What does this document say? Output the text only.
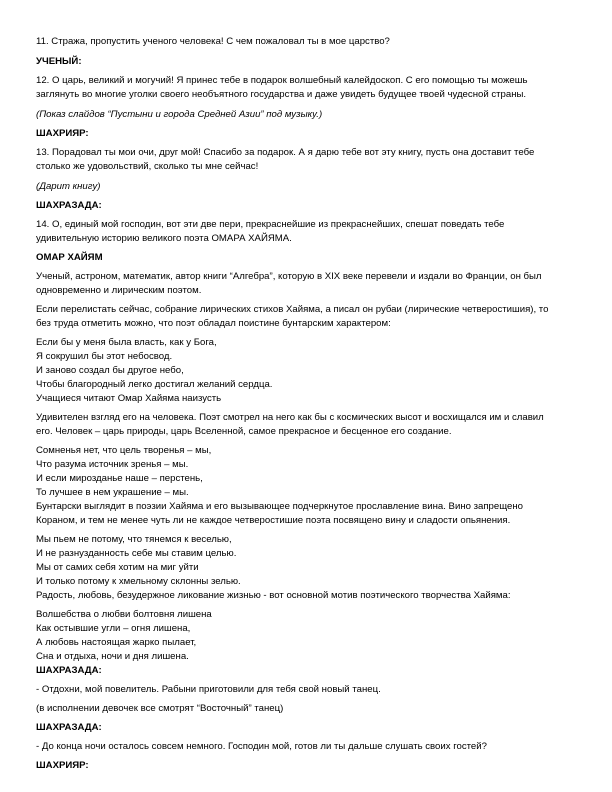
11. Стража, пропустить ученого человека! С чем пожаловал ты в мое царство?
УЧЕНЫЙ:
12. О царь, великий и могучий! Я принес тебе в подарок волшебный калейдоскоп. С его помощью ты можешь
заглянуть во многие уголки своего необъятного государства и даже увидеть будущее твоей чудесной страны.
(Показ слайдов “Пустыни и города Средней Азии” под музыку.)
ШАХРИЯР:
13. Порадовал ты мои очи, друг мой! Спасибо за подарок. А я дарю тебе вот эту книгу, пусть она доставит тебе
столько же удовольствий, сколько ты мне сейчас!
(Дарит книгу)
ШАХРАЗАДА:
14. О, единый мой господин, вот эти две пери, прекраснейшие из прекраснейших, спешат поведать тебе
удивительную историю великого поэта ОМАРА ХАЙЯМА.
ОМАР ХАЙЯМ
Ученый, астроном, математик, автор книги “Алгебра”, которую в XIX веке перевели и издали во Франции, он был
одновременно и лирическим поэтом.
Если перелистать сейчас, собрание лирических стихов Хайяма, а писал он рубаи (лирические четверостишия), то
без труда отметить можно, что поэт обладал поистине бунтарским характером:
Если бы у меня была власть, как у Бога,
Я сокрушил бы этот небосвод.
И заново создал бы другое небо,
Чтобы благородный легко достигал желаний сердца.
Учащиеся читают Омар Хайяма наизусть
Удивителен взгляд его на человека. Поэт смотрел на него как бы с космических высот и восхищался им и славил
его. Человек – царь природы, царь Вселенной, самое прекрасное и бесценное его создание.
Сомненья нет, что цель творенья – мы,
Что разума источник зренья – мы.
И если мирозданье наше – перстень,
То лучшее в нем украшение – мы.
Бунтарски выглядит в поэзии Хайяма и его вызывающее подчеркнутое прославление вина. Вино запрещено
Кораном, и тем не менее чуть ли не каждое четверостишие поэта посвящено вину и сладости опьянения.
Мы пьем не потому, что тянемся к веселью,
И не разнузданность себе мы ставим целью.
Мы от самих себя хотим на миг уйти
И только потому к хмельному склонны зелью.
Радость, любовь, безудержное ликование жизнью - вот основной мотив поэтического творчества Хайяма:
Волшебства о любви болтовня лишена
Как остывшие угли – огня лишена,
А любовь настоящая жарко пылает,
Сна и отдыха, ночи и дня лишена.
ШАХРАЗАДА:
- Отдохни, мой повелитель. Рабыни приготовили для тебя свой новый танец.
(в исполнении девочек все смотрят “Восточный” танец)
ШАХРАЗАДА:
- До конца ночи осталось совсем немного. Господин мой, готов ли ты дальше слушать своих гостей?
ШАХРИЯР:
